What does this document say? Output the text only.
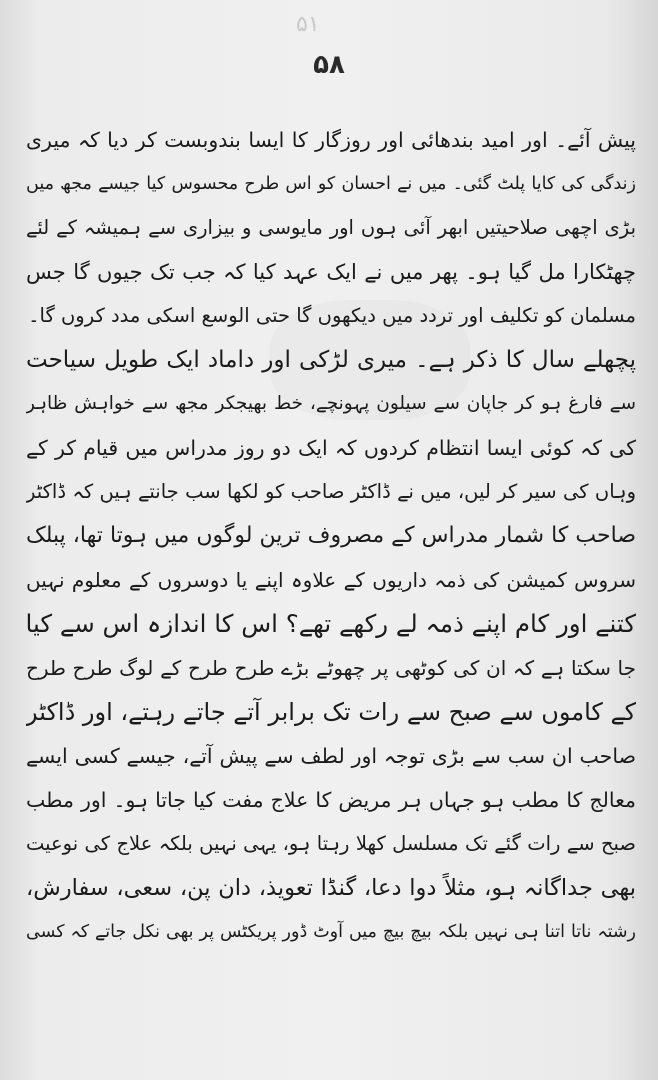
۵۱
۵۸
پیش آئے۔ اور امید بندھائی اور روزگار کا ایسا بندوبست کر دیا کہ میری
زندگی کی کایا پلٹ گئی۔ میں نے احسان کو اس طرح محسوس کیا جیسے مجھ میں
بڑی اچھی صلاحیتیں ابھر آئی ہوں اور مایوسی و بیزاری سے ہمیشہ کے لئے
چھٹکارا مل گیا ہو۔ پھر میں نے ایک عہد کیا کہ جب تک جیوں گا جس
مسلمان کو تکلیف اور تردد میں دیکھوں گا حتی الوسع اسکی مدد کروں گا۔
پچھلے سال کا ذکر ہے۔ میری لڑکی اور داماد ایک طویل سیاحت
سے فارغ ہو کر جاپان سے سیلون پہونچے، خط بھیجکر مجھ سے خواہش ظاہر
کی کہ کوئی ایسا انتظام کردوں کہ ایک دو روز مدراس میں قیام کر کے
وہاں کی سیر کر لیں، میں نے ڈاکٹر صاحب کو لکھا سب جانتے ہیں کہ ڈاکٹر
صاحب کا شمار مدراس کے مصروف ترین لوگوں میں ہوتا تھا، پبلک
سروس کمیشن کی ذمہ داریوں کے علاوہ اپنے یا دوسروں کے معلوم نہیں
کتنے اور کام اپنے ذمہ لے رکھے تھے؟ اس کا اندازہ اس سے کیا
جا سکتا ہے کہ ان کی کوٹھی پر چھوٹے بڑے طرح طرح کے لوگ طرح طرح
کے کاموں سے صبح سے رات تک برابر آتے جاتے رہتے، اور ڈاکٹر
صاحب ان سب سے بڑی توجہ اور لطف سے پیش آتے، جیسے کسی ایسے
معالج کا مطب ہو جہاں ہر مریض کا علاج مفت کیا جاتا ہو۔ اور مطب
صبح سے رات گئے تک مسلسل کھلا رہتا ہو، یہی نہیں بلکہ علاج کی نوعیت
بھی جداگانہ ہو، مثلاً دوا دعا، گنڈا تعویذ، دان پن، سعی، سفارش،
رشتہ ناتا اتنا ہی نہیں بلکہ بیچ بیچ میں آوٹ ڈور پریکٹس پر بھی نکل جاتے کہ کسی
